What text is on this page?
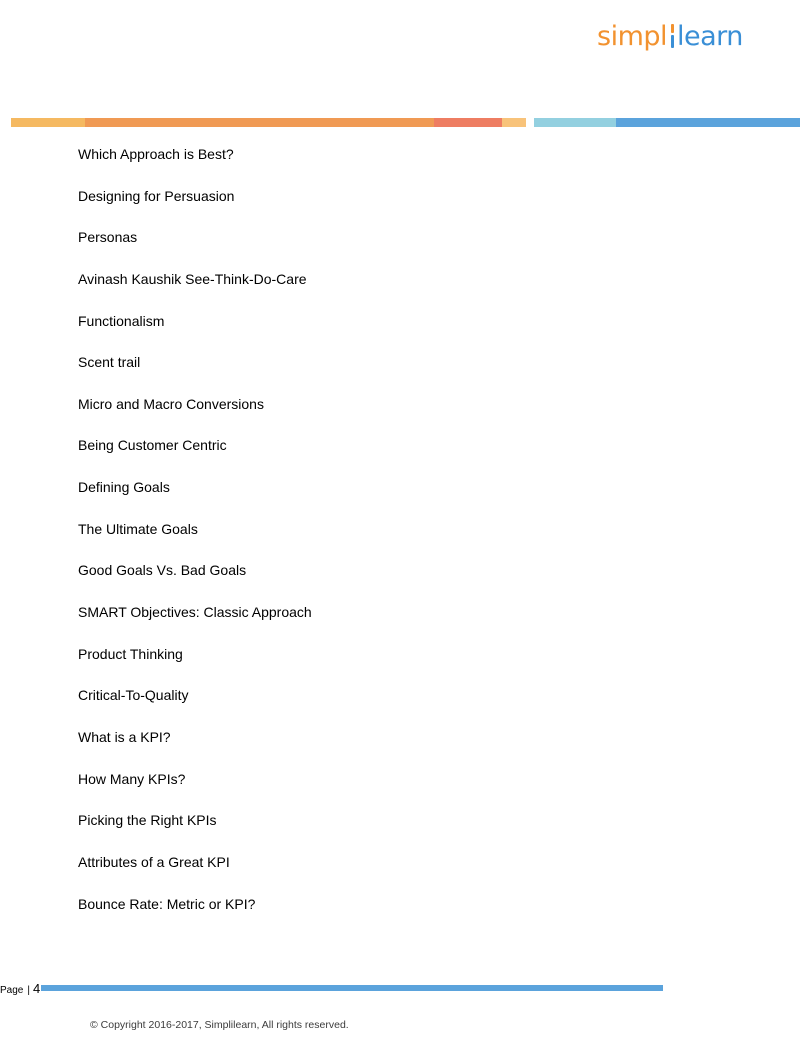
simpl learn
Which Approach is Best?
Designing for Persuasion
Personas
Avinash Kaushik See-Think-Do-Care
Functionalism
Scent trail
Micro and Macro Conversions
Being Customer Centric
Defining Goals
The Ultimate Goals
Good Goals Vs. Bad Goals
SMART Objectives: Classic Approach
Product Thinking
Critical-To-Quality
What is a KPI?
How Many KPIs?
Picking the Right KPIs
Attributes of a Great KPI
Bounce Rate: Metric or KPI?
Page | 4
© Copyright 2016-2017, Simplilearn, All rights reserved.
